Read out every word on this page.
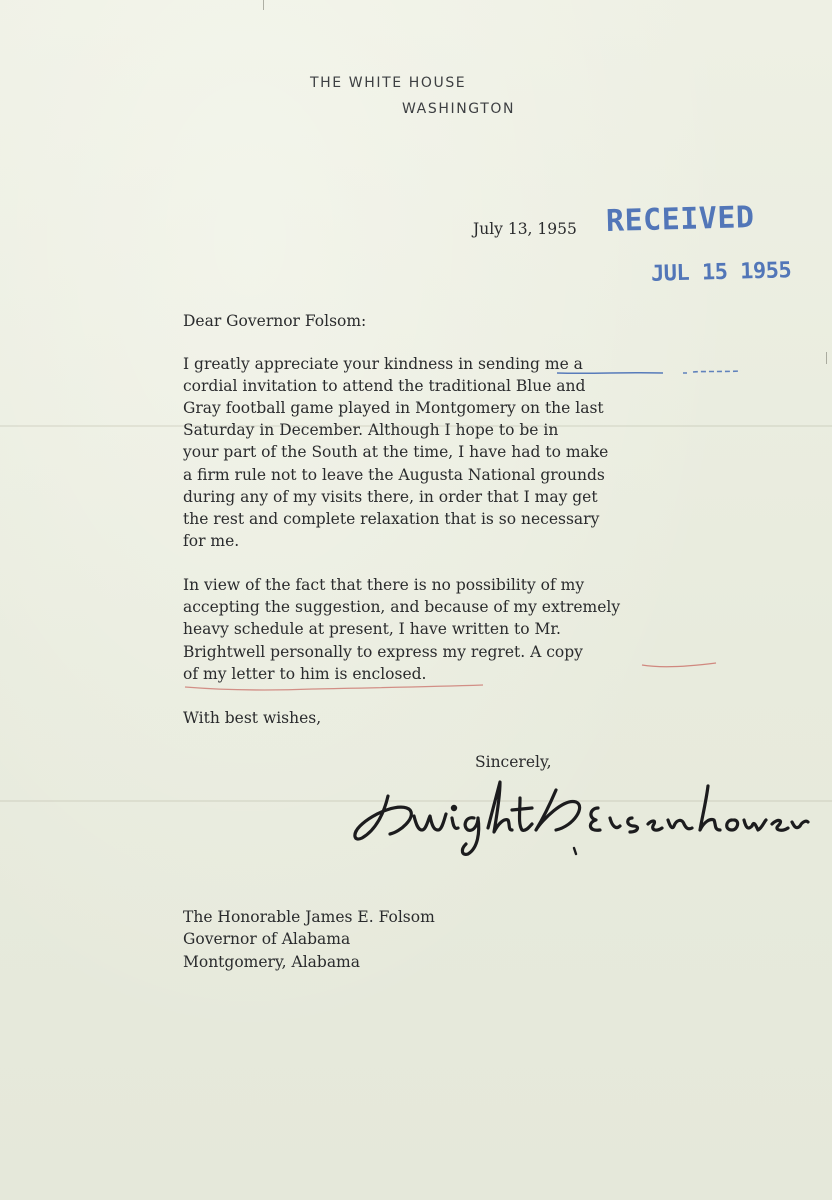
THE WHITE HOUSE
WASHINGTON
July 13, 1955 RECEIVED
JUL 15 1955
Dear Governor Folsom:
I greatly appreciate your kindness in sending me a
cordial invitation to attend the traditional Blue and
Gray football game played in Montgomery on the last
Saturday in December. Although I hope to be in
your part of the South at the time, I have had to make
a firm rule not to leave the Augusta National grounds
during any of my visits there, in order that I may get
the rest and complete relaxation that is so necessary
for me.
In view of the fact that there is no possibility of my
accepting the suggestion, and because of my extremely
heavy schedule at present, I have written to Mr.
Brightwell personally to express my regret. A copy
of my letter to him is enclosed.
With best wishes,
Sincerely,
The Honorable James E. Folsom
Governor of Alabama
Montgomery, Alabama
